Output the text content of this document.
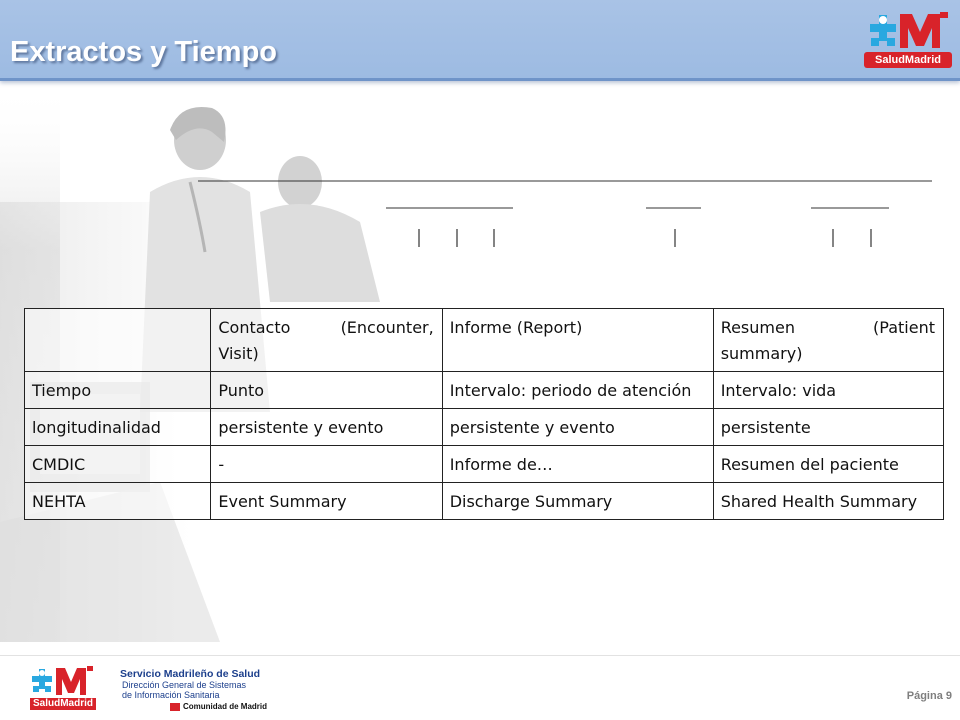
Extractos y Tiempo	SaludMadrid
	Contacto (Encounter, Visit)	Informe (Report)	Resumen (Patient summary)
Tiempo	Punto	Intervalo: periodo de atención	Intervalo: vida
longitudinalidad	persistente y evento	persistente y evento	persistente
CMDIC	-	Informe de…	Resumen del paciente
NEHTA	Event Summary	Discharge Summary	Shared Health Summary
SaludMadrid
Servicio Madrileño de Salud
Dirección General de Sistemas
de Información Sanitaria
Comunidad de Madrid
Página 9
